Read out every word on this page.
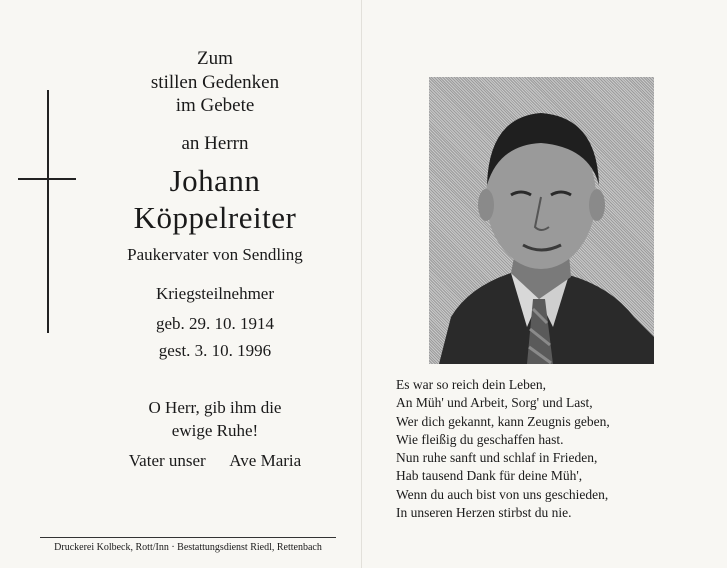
Zum
stillen Gedenken
im Gebete
an Herrn
Johann
Köppelreiter
Paukervater von Sendling
Kriegsteilnehmer
geb. 29. 10. 1914
gest. 3. 10. 1996
O Herr, gib ihm die
ewige Ruhe!
Vater unser Ave Maria
Druckerei Kolbeck, Rott/Inn · Bestattungsdienst Riedl, Rettenbach
Es war so reich dein Leben,
An Müh' und Arbeit, Sorg' und Last,
Wer dich gekannt, kann Zeugnis geben,
Wie fleißig du geschaffen hast.
Nun ruhe sanft und schlaf in Frieden,
Hab tausend Dank für deine Müh',
Wenn du auch bist von uns geschieden,
In unseren Herzen stirbst du nie.
